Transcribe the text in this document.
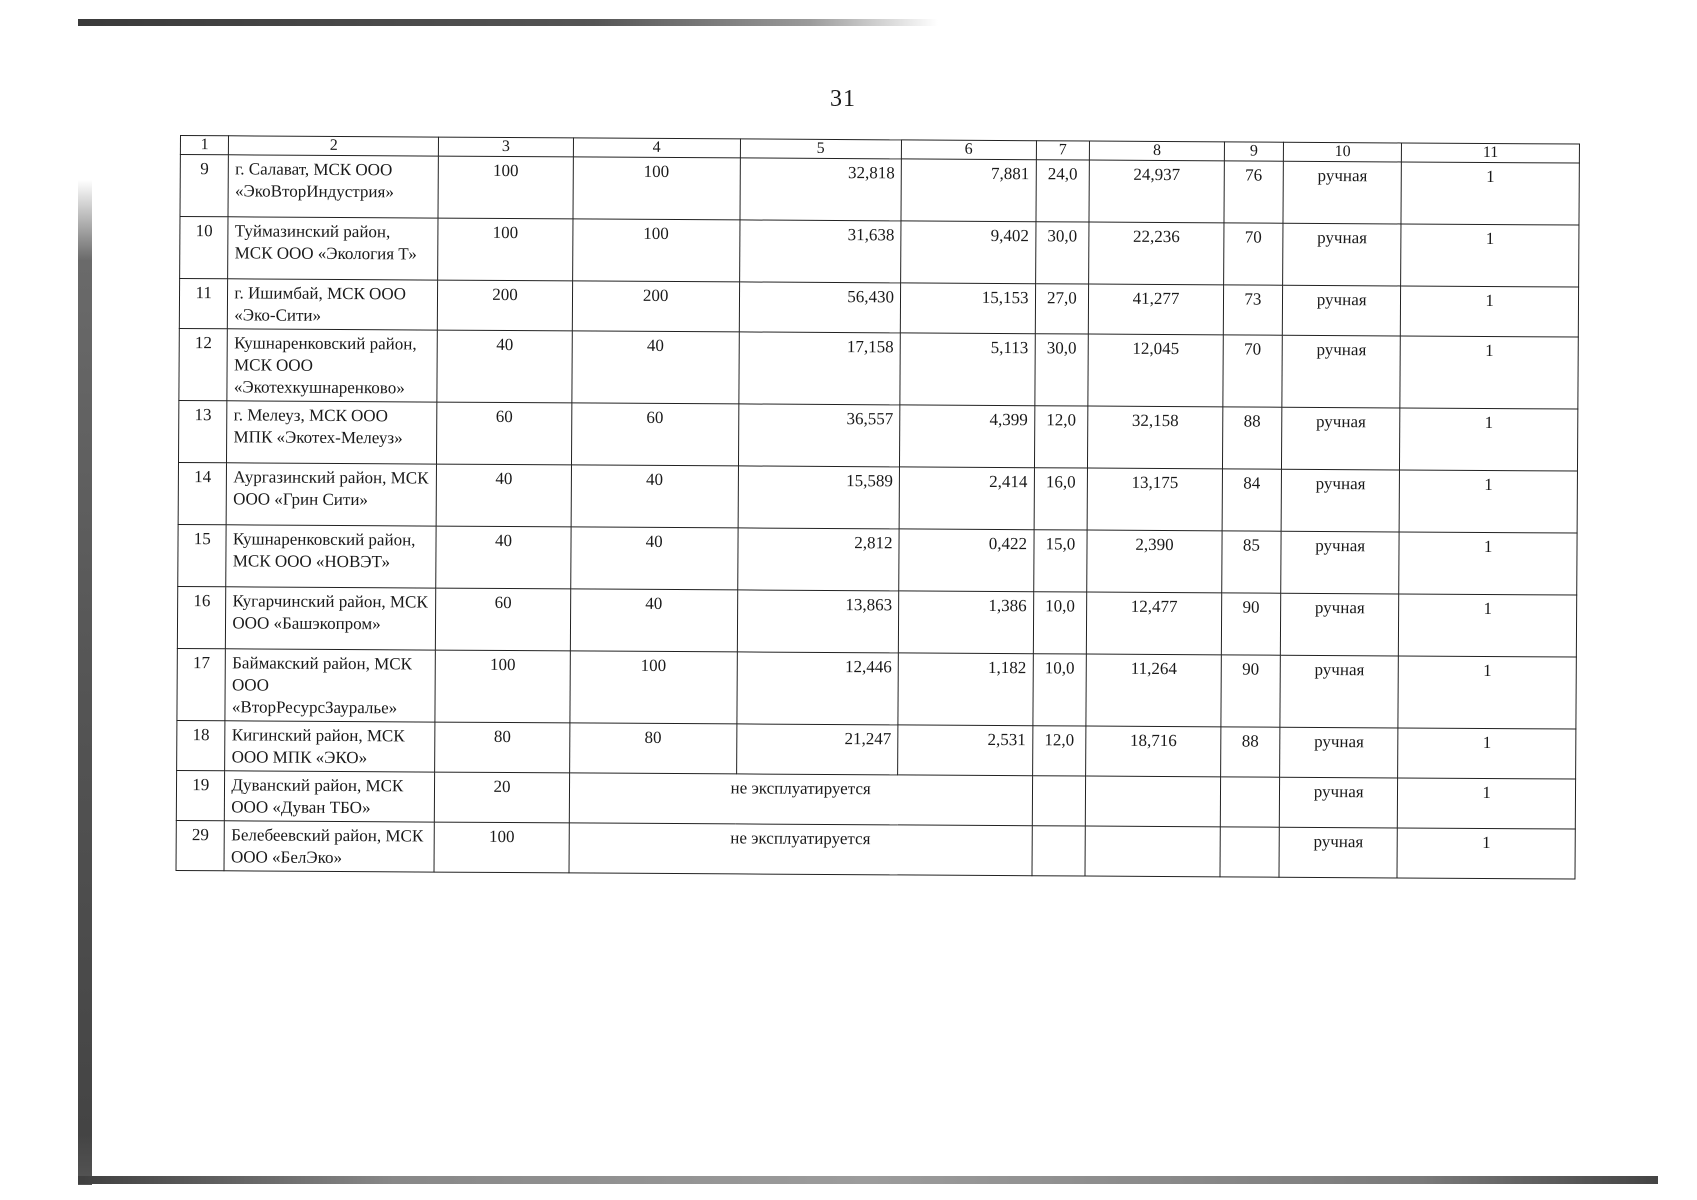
31
1	2	3	4	5	6	7	8	9	10	11
9	г. Салават, МСК ООО «ЭкоВторИндустрия»	100	100	32,818	7,881	24,0	24,937	76	ручная	1
10	Туймазинский район, МСК ООО «Экология Т»	100	100	31,638	9,402	30,0	22,236	70	ручная	1
11	г. Ишимбай, МСК ООО «Эко-Сити»	200	200	56,430	15,153	27,0	41,277	73	ручная	1
12	Кушнаренковский район, МСК ООО «Экотехкушнаренково»	40	40	17,158	5,113	30,0	12,045	70	ручная	1
13	г. Мелеуз, МСК ООО МПК «Экотех-Мелеуз»	60	60	36,557	4,399	12,0	32,158	88	ручная	1
14	Аургазинский район, МСК ООО «Грин Сити»	40	40	15,589	2,414	16,0	13,175	84	ручная	1
15	Кушнаренковский район, МСК ООО «НОВЭТ»	40	40	2,812	0,422	15,0	2,390	85	ручная	1
16	Кугарчинский район, МСК ООО «Башэкопром»	60	40	13,863	1,386	10,0	12,477	90	ручная	1
17	Баймакский район, МСК ООО «ВторРесурсЗауралье»	100	100	12,446	1,182	10,0	11,264	90	ручная	1
18	Кигинский район, МСК ООО МПК «ЭКО»	80	80	21,247	2,531	12,0	18,716	88	ручная	1
19	Дуванский район, МСК ООО «Дуван ТБО»	20	не эксплуатируется						ручная	1
29	Белебеевский район, МСК ООО «БелЭко»	100	не эксплуатируется						ручная	1
